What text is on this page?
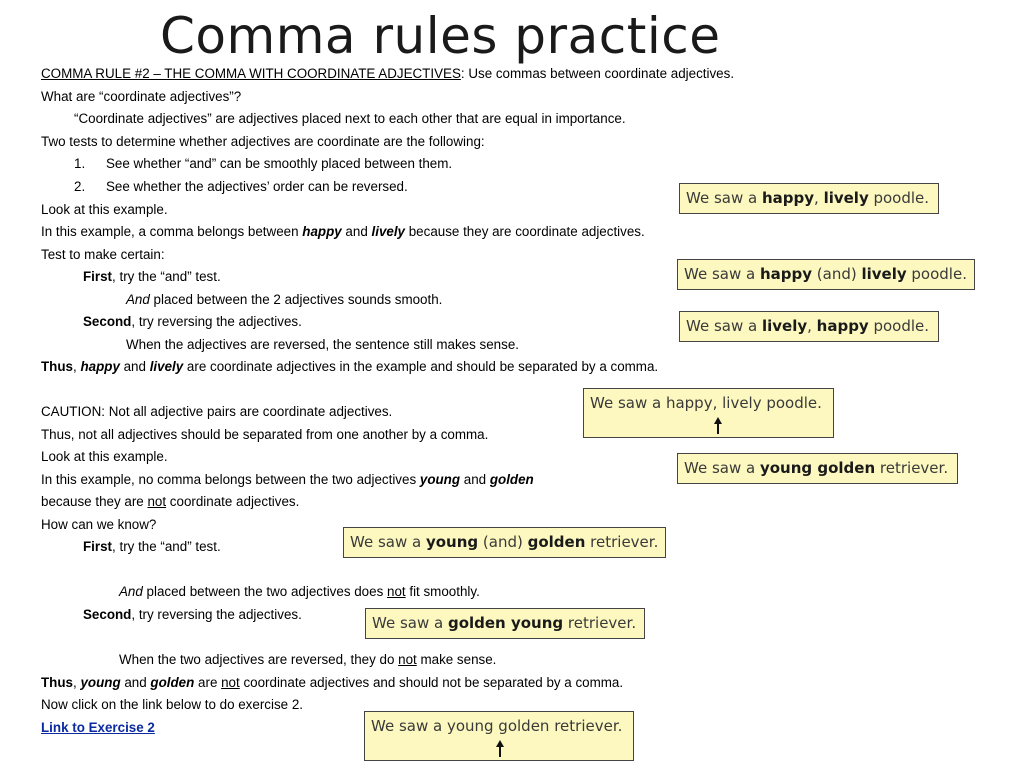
Comma rules practice
COMMA RULE #2 – THE COMMA WITH COORDINATE ADJECTIVES: Use commas between coordinate adjectives.
What are “coordinate adjectives”?
“Coordinate adjectives” are adjectives placed next to each other that are equal in importance.
Two tests to determine whether adjectives are coordinate are the following:
1. See whether “and” can be smoothly placed between them.
2. See whether the adjectives’ order can be reversed.
Look at this example.
In this example, a comma belongs between happy and lively because they are coordinate adjectives.
Test to make certain:
First, try the “and” test.
And placed between the 2 adjectives sounds smooth.
Second, try reversing the adjectives.
When the adjectives are reversed, the sentence still makes sense.
Thus, happy and lively are coordinate adjectives in the example and should be separated by a comma.
CAUTION: Not all adjective pairs are coordinate adjectives.
Thus, not all adjectives should be separated from one another by a comma.
Look at this example.
In this example, no comma belongs between the two adjectives young and golden
because they are not coordinate adjectives.
How can we know?
First, try the “and” test.
And placed between the two adjectives does not fit smoothly.
Second, try reversing the adjectives.
When the two adjectives are reversed, they do not make sense.
Thus, young and golden are not coordinate adjectives and should not be separated by a comma.
Now click on the link below to do exercise 2.
Link to Exercise 2
We saw a happy, lively poodle.
We saw a happy (and) lively poodle.
We saw a lively, happy poodle.
We saw a happy, lively poodle.
We saw a young golden retriever.
We saw a young (and) golden retriever.
We saw a golden young retriever.
We saw a young golden retriever.
